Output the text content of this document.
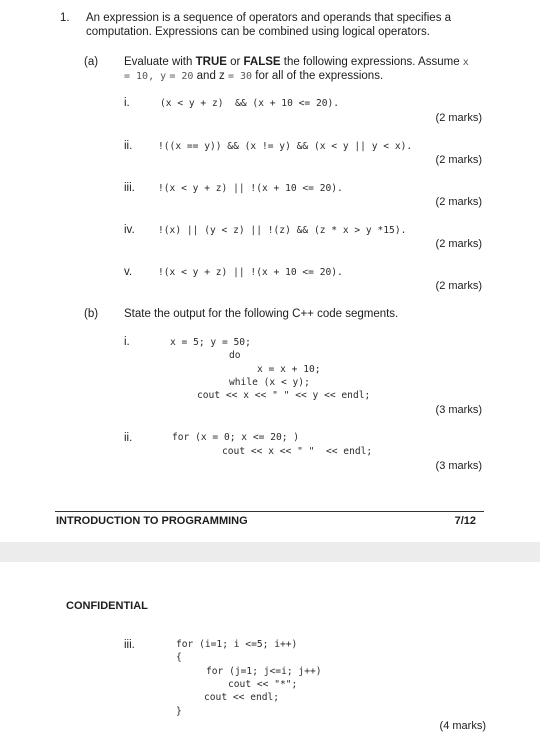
1. An expression is a sequence of operators and operands that specifies a
computation. Expressions can be combined using logical operators.
(a) Evaluate with TRUE or FALSE the following expressions. Assume x
= 10, y = 20 and z = 30 for all of the expressions.
i.	(x < y + z)  && (x + 10 <= 20).
(2 marks)
ii.	!((x == y)) && (x != y) && (x < y || y < x).
(2 marks)
iii. !(x < y + z) || !(x + 10 <= 20).
(2 marks)
iv. !(x) || (y < z) || !(z) && (z * x > y *15).
(2 marks)
v.	!(x < y + z) || !(x + 10 <= 20).
(2 marks)
(b) State the output for the following C++ code segments.
i.	x = 5; y = 50;
do
x = x + 10;
while (x < y);
cout << x << " " << y << endl;
(3 marks)
ii.	for (x = 0; x <= 20; )
cout << x << " "  << endl;
(3 marks)
INTRODUCTION TO PROGRAMMING	7/12
CONFIDENTIAL
iii.	for (i=1; i <=5; i++)
{
for (j=1; j<=i; j++)
cout << "*";
cout << endl;
}
(4 marks)
